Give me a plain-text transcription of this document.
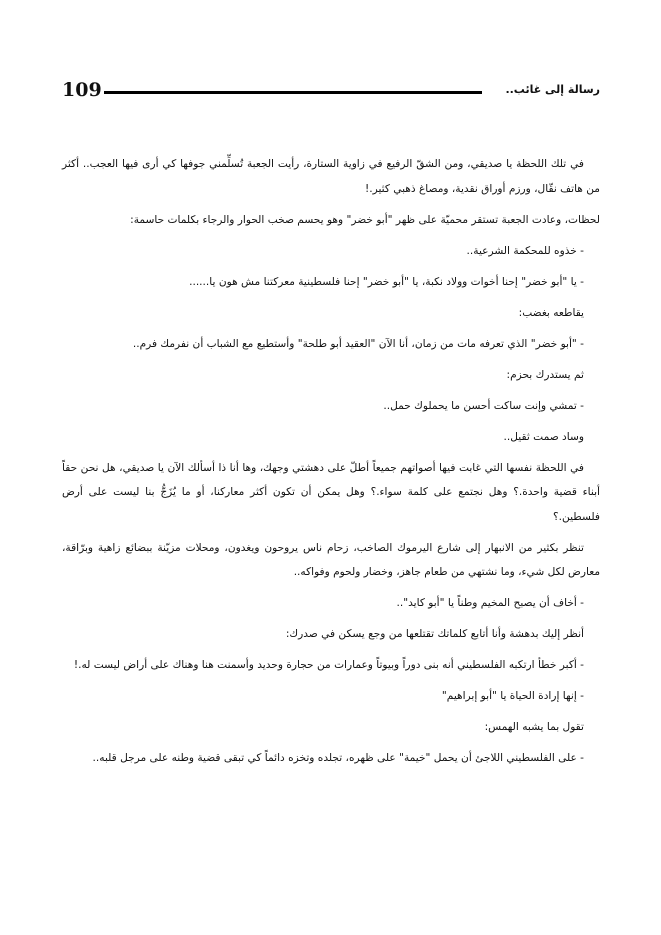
109	رسالة إلى غائب..

في تلك اللحظة يا صديقي، ومن الشقّ الرفيع في زاوية الستارة، رأيت الجعبة تُسلِّمني جوفها كي أرى فيها العجب.. أكثر من هاتف نقّال، ورزم أوراق نقدية، ومصاغ ذهبي كثير.!

لحظات، وعادت الجعبة تستقر محميّة على ظهر "أبو خضر" وهو يحسم صخب الحوار والرجاء بكلمات حاسمة:

- خذوه للمحكمة الشرعية..

- يا "أبو خضر" إحنا أخوات وولاد نكبة، يا "أبو خضر" إحنا فلسطينية معركتنا مش هون يا......

يقاطعه بغضب:

- "أبو خضر" الذي تعرفه مات من زمان، أنا الآن "العقيد أبو طلحة" وأستطيع مع الشباب أن نفرمك فرم..

ثم يستدرك بحزم:

- تمشي وإنت ساكت أحسن ما يحملوك حمل..

وساد صمت ثقيل..

في اللحظة نفسها التي غابت فيها أصواتهم جميعاً أطلّ على دهشتي وجهك، وها أنا ذا أسألك الآن يا صديقي، هل نحن حقاً أبناء قضية واحدة.؟ وهل نجتمع على كلمة سواء.؟ وهل يمكن أن تكون أكثر معاركنا، أو ما يُزَجُّ بنا ليست على أرض فلسطين.؟

تنظر بكثير من الانبهار إلى شارع اليرموك الصاخب، زحام ناس يروحون ويغدون، ومحلات مزيّنة ببضائع زاهية وبرّاقة، معارض لكل شيء، وما نشتهي من طعام جاهز، وخضار ولحوم وفواكه..

- أخاف أن يصبح المخيم وطناً يا "أبو كايد"..

أنظر إليك بدهشة وأنا أتابع كلماتك تقتلعها من وجع يسكن في صدرك:

- أكبر خطأ ارتكبه الفلسطيني أنه بنى دوراً وبيوتاً وعمارات من حجارة وحديد وأسمنت هنا وهناك على أراض ليست له.!

- إنها إرادة الحياة يا "أبو إبراهيم"

تقول بما يشبه الهمس:

- على الفلسطيني اللاجئ أن يحمل "خيمة" على ظهره، تجلده وتخزه دائماً كي تبقى قضية وطنه على مرجل قلبه..
